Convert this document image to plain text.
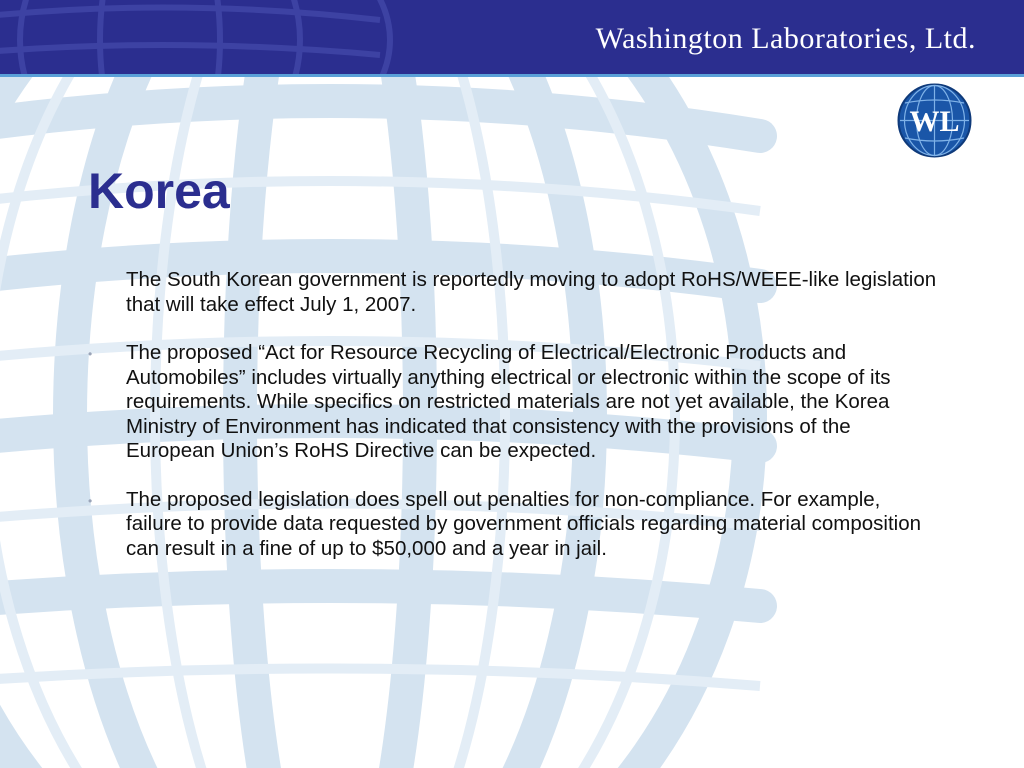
Washington Laboratories, Ltd.
WL
Korea
The South Korean government is reportedly moving to adopt RoHS/WEEE-like legislation that will take effect July 1, 2007.
• The proposed “Act for Resource Recycling of Electrical/Electronic Products and Automobiles” includes virtually anything electrical or electronic within the scope of its requirements. While specifics on restricted materials are not yet available, the Korea Ministry of Environment has indicated that consistency with the provisions of the European Union’s RoHS Directive can be expected.
• The proposed legislation does spell out penalties for non-compliance. For example, failure to provide data requested by government officials regarding material composition can result in a fine of up to $50,000 and a year in jail.
